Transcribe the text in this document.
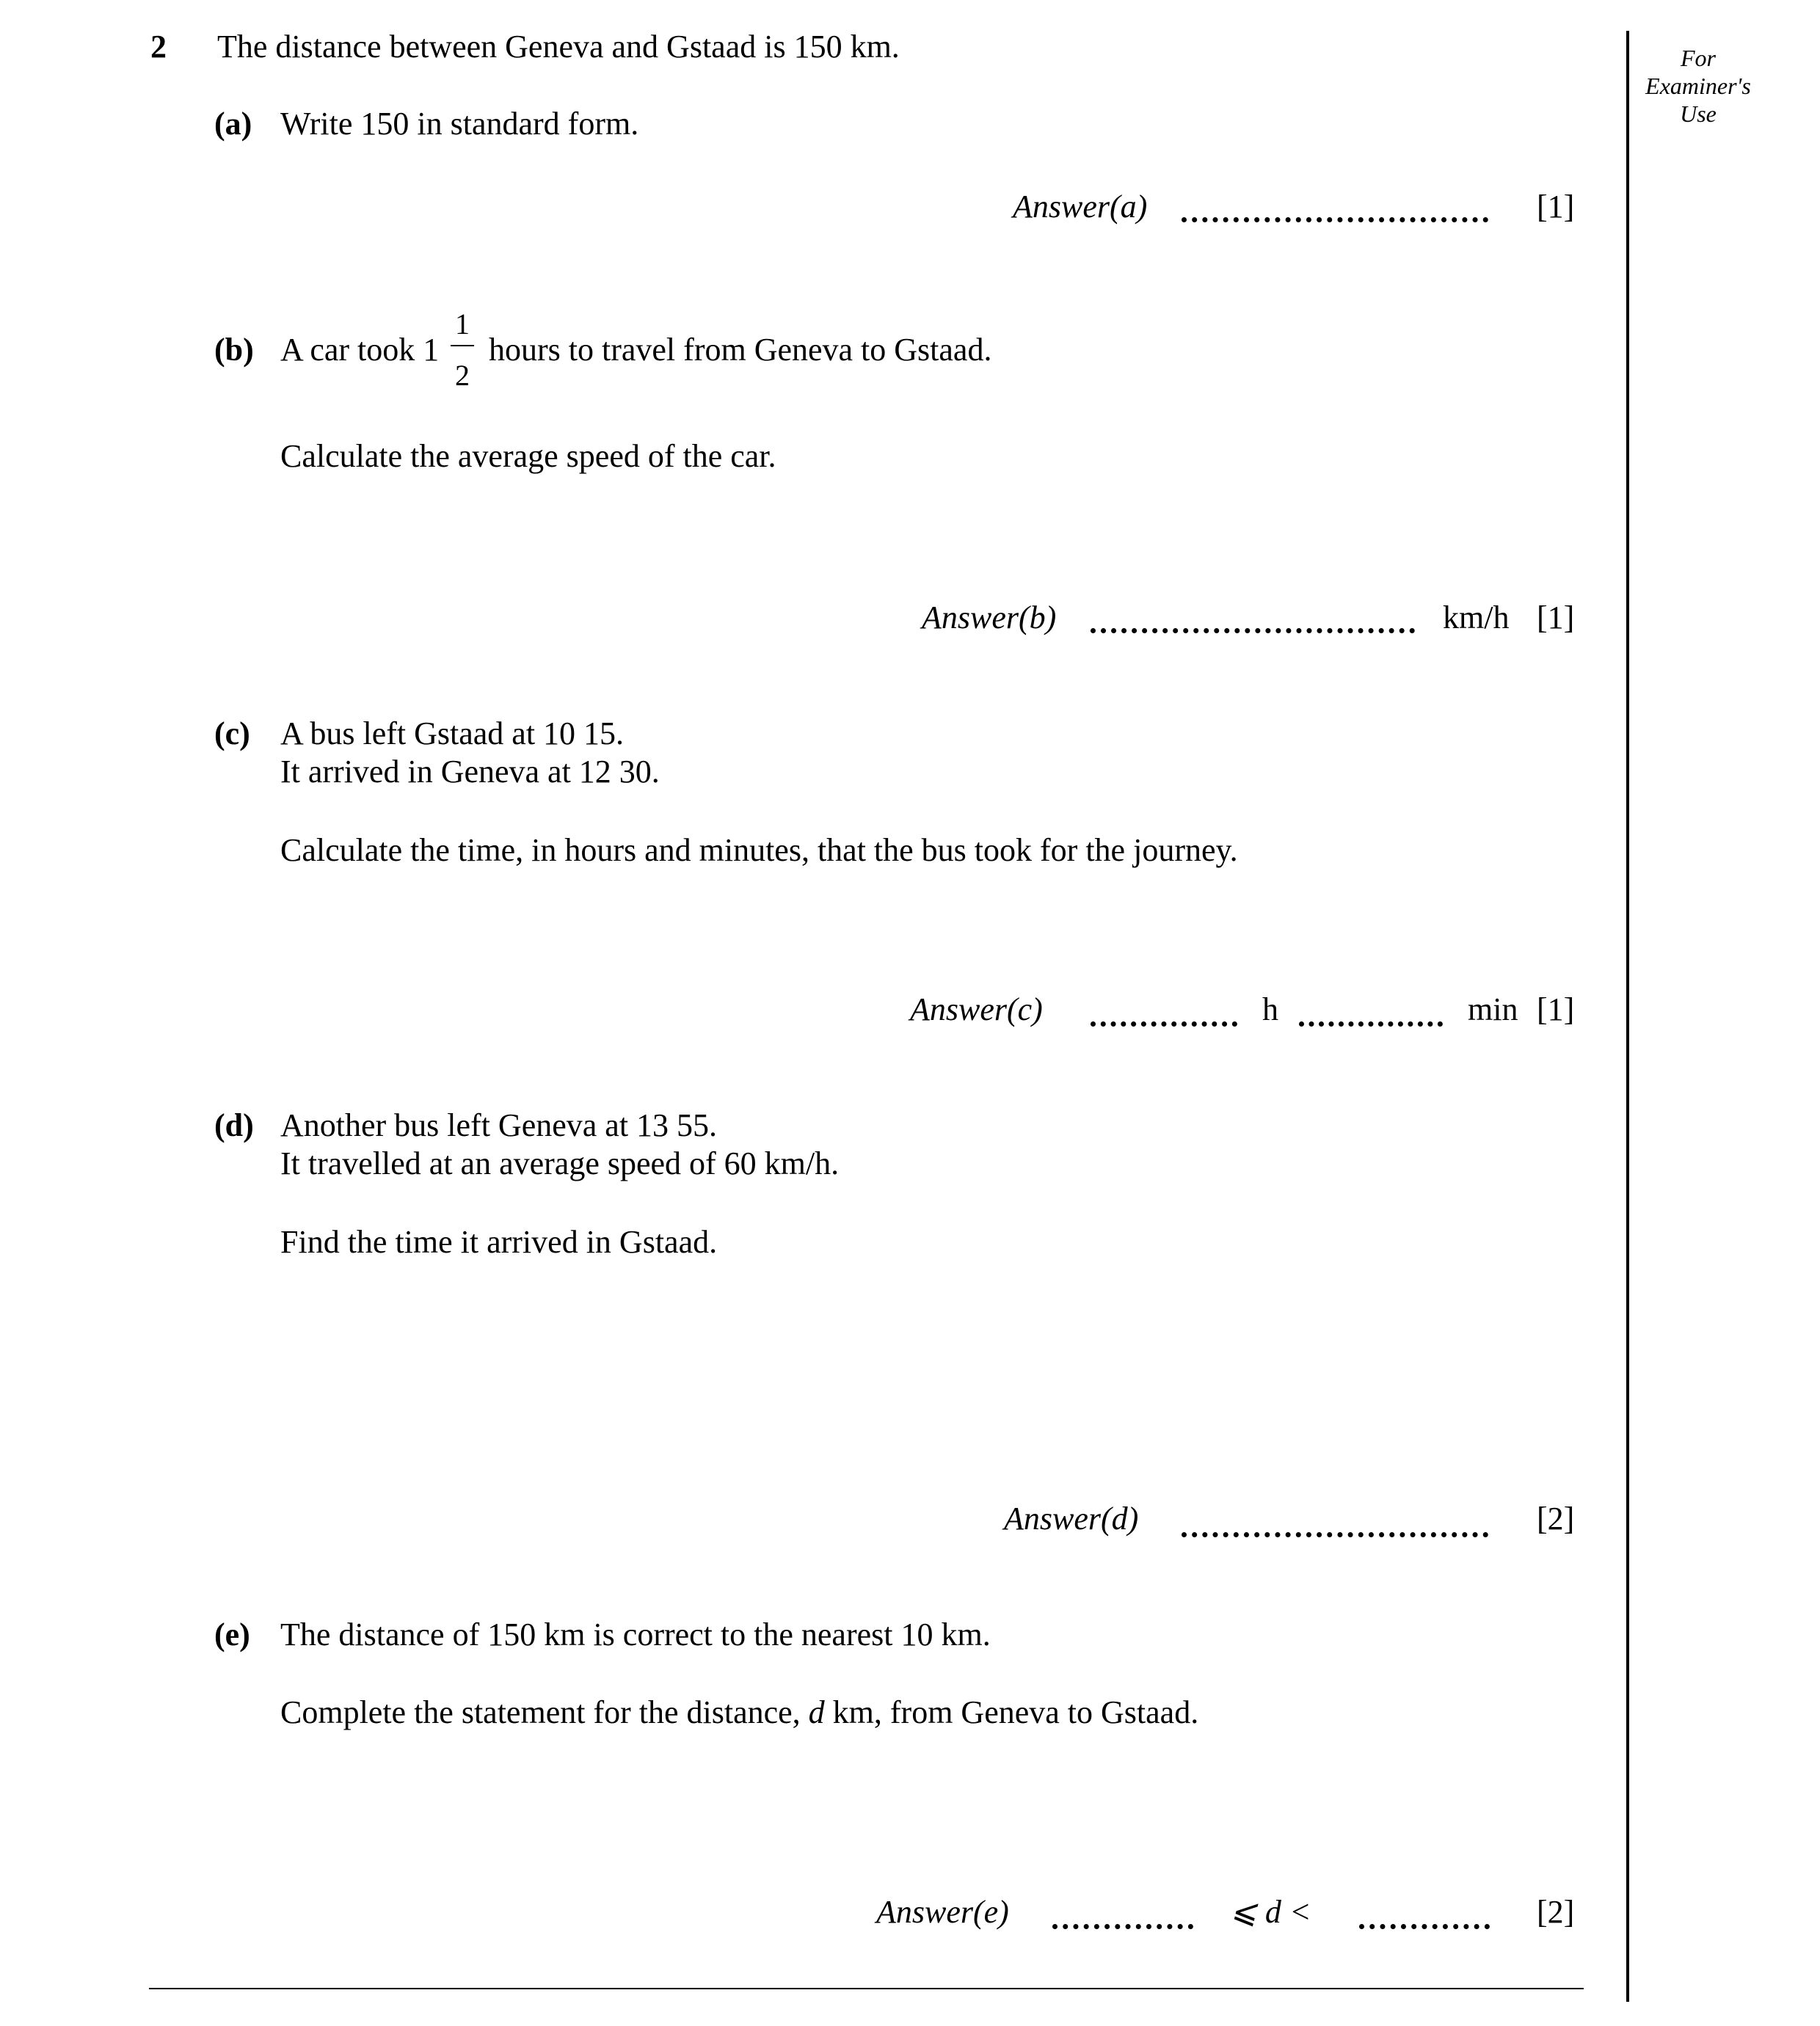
For
Examiner's
Use
2 The distance between Geneva and Gstaad is 150 km.
(a) Write 150 in standard form.
Answer(a)	[1]
(b) A car took 1
1
2
hours to travel from Geneva to Gstaad.
Calculate the average speed of the car.
Answer(b)	km/h [1]
(c) A bus left Gstaad at 10 15.
It arrived in Geneva at 12 30.
Calculate the time, in hours and minutes, that the bus took for the journey.
Answer(c)	h	min [1]
(d) Another bus left Geneva at 13 55.
It travelled at an average speed of 60 km/h.
Find the time it arrived in Gstaad.
Answer(d)	[2]
(e) The distance of 150 km is correct to the nearest 10 km.
Complete the statement for the distance, d km, from Geneva to Gstaad.
Answer(e)	⩽ d <	[2]
